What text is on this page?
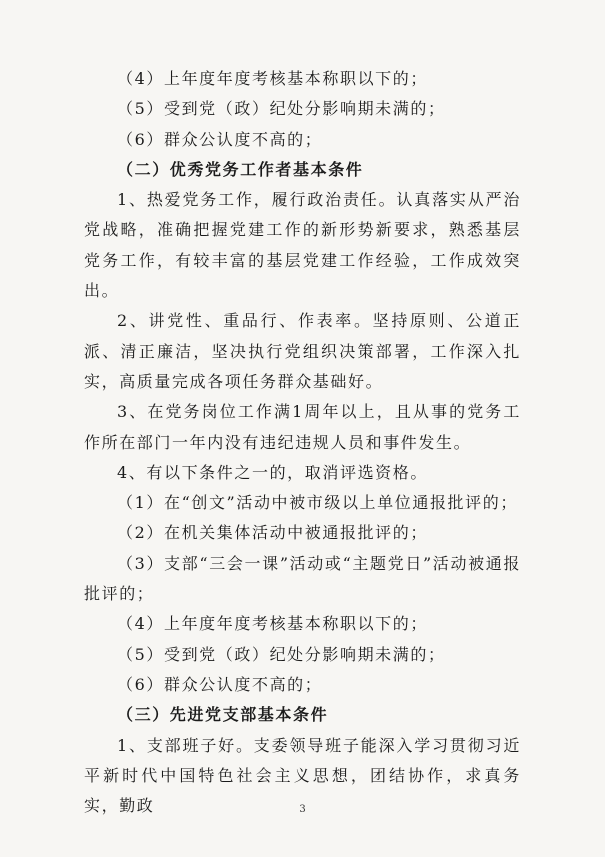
（4）上年度年度考核基本称职以下的；

（5）受到党（政）纪处分影响期未满的；

（6）群众公认度不高的；

（二）优秀党务工作者基本条件

1、热爱党务工作，履行政治责任。认真落实从严治党战略，准确把握党建工作的新形势新要求，熟悉基层党务工作，有较丰富的基层党建工作经验，工作成效突出。

2、讲党性、重品行、作表率。坚持原则、公道正派、清正廉洁，坚决执行党组织决策部署，工作深入扎实，高质量完成各项任务群众基础好。

3、在党务岗位工作满1周年以上，且从事的党务工作所在部门一年内没有违纪违规人员和事件发生。

4、有以下条件之一的，取消评选资格。

（1）在“创文”活动中被市级以上单位通报批评的；

（2）在机关集体活动中被通报批评的；

（3）支部“三会一课”活动或“主题党日”活动被通报批评的；

（4）上年度年度考核基本称职以下的；

（5）受到党（政）纪处分影响期未满的；

（6）群众公认度不高的；

（三）先进党支部基本条件

1、支部班子好。支委领导班子能深入学习贯彻习近平新时代中国特色社会主义思想，团结协作，求真务实，勤政	3
